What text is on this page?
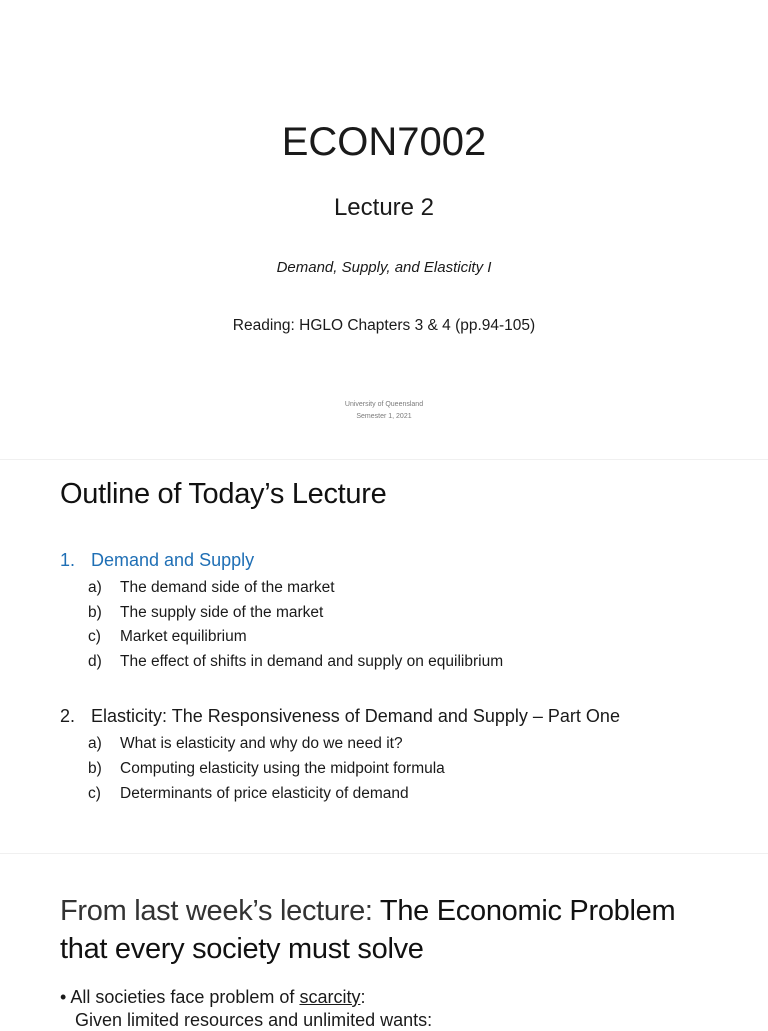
ECON7002
Lecture 2
Demand, Supply, and Elasticity I
Reading: HGLO Chapters 3 & 4 (pp.94-105)
University of Queensland
Semester 1, 2021
Outline of Today’s Lecture
1. Demand and Supply
a) The demand side of the market
b) The supply side of the market
c) Market equilibrium
d) The effect of shifts in demand and supply on equilibrium
2. Elasticity: The Responsiveness of Demand and Supply – Part One
a) What is elasticity and why do we need it?
b) Computing elasticity using the midpoint formula
c) Determinants of price elasticity of demand
From last week’s lecture: The Economic Problem that every society must solve
• All societies face problem of scarcity:
Given limited resources and unlimited wants:
